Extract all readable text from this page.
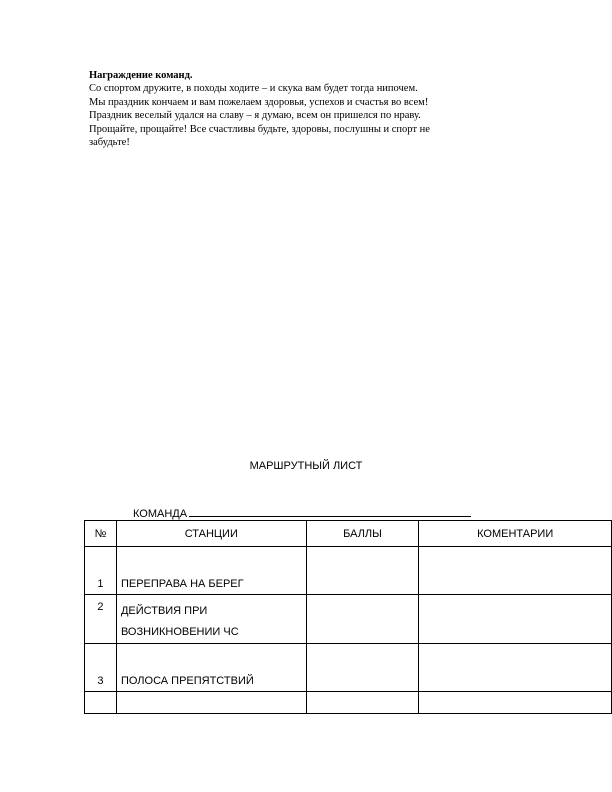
Награждение команд.

Со спортом дружите, в походы ходите – и скука вам будет тогда нипочем.

Мы праздник кончаем и вам пожелаем здоровья, успехов и счастья во всем!

Праздник веселый удался на славу – я думаю, всем он пришелся по нраву.

Прощайте, прощайте! Все счастливы будьте, здоровы, послушны и спорт не

забудьте!

МАРШРУТНЫЙ ЛИСТ
КОМАНДА
№	СТАНЦИИ	БАЛЛЫ	КОМЕНТАРИИ
1	ПЕРЕПРАВА НА БЕРЕГ		
2	ДЕЙСТВИЯ ПРИ
ВОЗНИКНОВЕНИИ ЧС		

3	ПОЛОСА ПРЕПЯТСТВИЙ		
